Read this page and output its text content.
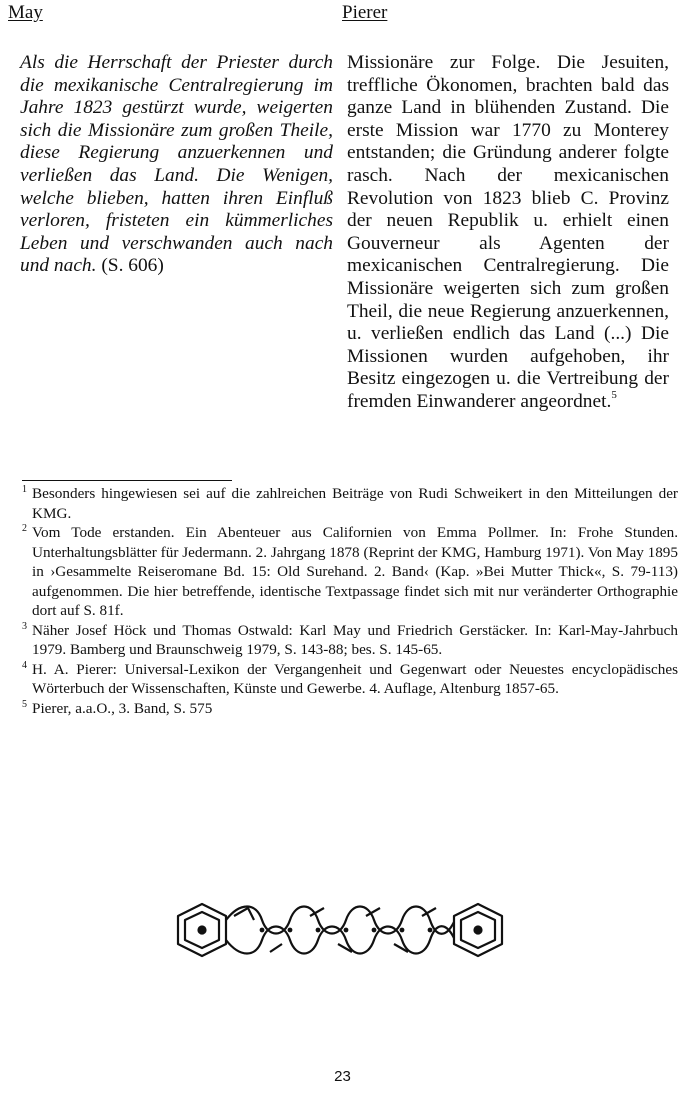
May	Pierer
Als die Herrschaft der Priester durch die mexikanische Centralregierung im Jahre 1823 gestürzt wurde, weigerten sich die Missionäre zum großen Theile, diese Regierung anzuerkennen und verließen das Land. Die Wenigen, welche blieben, hatten ihren Einfluß verloren, fristeten ein kümmerliches Leben und verschwanden auch nach und nach. (S. 606)
Missionäre zur Folge. Die Jesuiten, treffliche Ökonomen, brachten bald das ganze Land in blühenden Zustand. Die erste Mission war 1770 zu Monterey entstanden; die Gründung anderer folgte rasch. Nach der mexicanischen Revolution von 1823 blieb C. Provinz der neuen Republik u. erhielt einen Gouverneur als Agenten der mexicanischen Centralregierung. Die Missionäre weigerten sich zum großen Theil, die neue Regierung anzuerkennen, u. verließen endlich das Land (...) Die Missionen wurden aufgehoben, ihr Besitz eingezogen u. die Vertreibung der fremden Einwanderer angeordnet.$^5$
1 Besonders hingewiesen sei auf die zahlreichen Beiträge von Rudi Schweikert in den Mitteilungen der KMG.
2 Vom Tode erstanden. Ein Abenteuer aus Californien von Emma Pollmer. In: Frohe Stunden. Unterhaltungsblätter für Jedermann. 2. Jahrgang 1878 (Reprint der KMG, Hamburg 1971). Von May 1895 in ›Gesammelte Reiseromane Bd. 15: Old Surehand. 2. Band‹ (Kap. »Bei Mutter Thick«, S. 79-113) aufgenommen. Die hier betreffende, identische Textpassage findet sich mit nur veränderter Orthographie dort auf S. 81f.
3 Näher Josef Höck und Thomas Ostwald: Karl May und Friedrich Gerstäcker. In: Karl-May-Jahrbuch 1979. Bamberg und Braunschweig 1979, S. 143-88; bes. S. 145-65.
4 H. A. Pierer: Universal-Lexikon der Vergangenheit und Gegenwart oder Neuestes encyclopädisches Wörterbuch der Wissenschaften, Künste und Gewerbe. 4. Auflage, Altenburg 1857-65.
5 Pierer, a.a.O., 3. Band, S. 575
23
